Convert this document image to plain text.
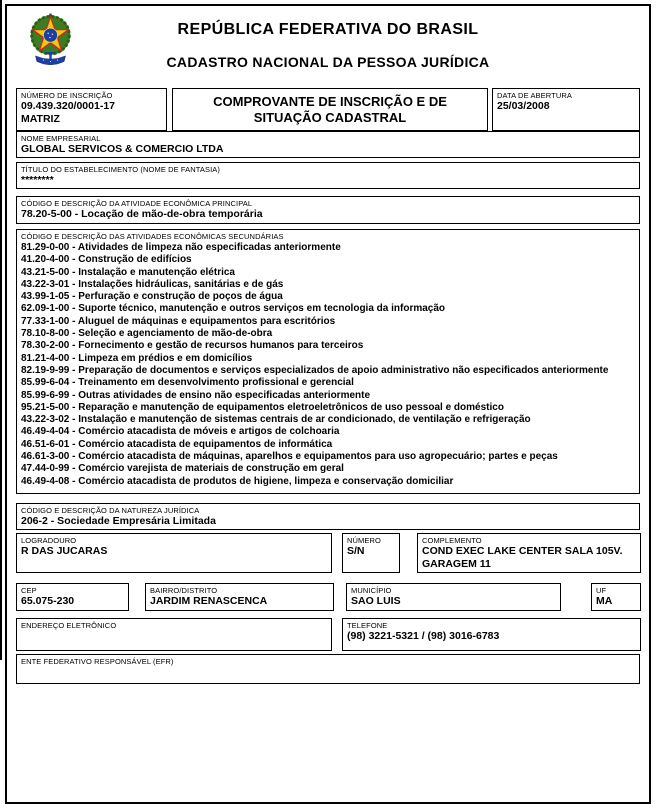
REPÚBLICA FEDERATIVA DO BRASIL
CADASTRO NACIONAL DA PESSOA JURÍDICA
NÚMERO DE INSCRIÇÃO
09.439.320/0001-17
MATRIZ
COMPROVANTE DE INSCRIÇÃO E DE SITUAÇÃO CADASTRAL
DATA DE ABERTURA
25/03/2008
NOME EMPRESARIAL
GLOBAL SERVICOS & COMERCIO LTDA
TÍTULO DO ESTABELECIMENTO (NOME DE FANTASIA)
********
CÓDIGO E DESCRIÇÃO DA ATIVIDADE ECONÔMICA PRINCIPAL
78.20-5-00 - Locação de mão-de-obra temporária
CÓDIGO E DESCRIÇÃO DAS ATIVIDADES ECONÔMICAS SECUNDÁRIAS
81.29-0-00 - Atividades de limpeza não especificadas anteriormente
41.20-4-00 - Construção de edifícios
43.21-5-00 - Instalação e manutenção elétrica
43.22-3-01 - Instalações hidráulicas, sanitárias e de gás
43.99-1-05 - Perfuração e construção de poços de água
62.09-1-00 - Suporte técnico, manutenção e outros serviços em tecnologia da informação
77.33-1-00 - Aluguel de máquinas e equipamentos para escritórios
78.10-8-00 - Seleção e agenciamento de mão-de-obra
78.30-2-00 - Fornecimento e gestão de recursos humanos para terceiros
81.21-4-00 - Limpeza em prédios e em domicílios
82.19-9-99 - Preparação de documentos e serviços especializados de apoio administrativo não especificados anteriormente
85.99-6-04 - Treinamento em desenvolvimento profissional e gerencial
85.99-6-99 - Outras atividades de ensino não especificadas anteriormente
95.21-5-00 - Reparação e manutenção de equipamentos eletroeletrônicos de uso pessoal e doméstico
43.22-3-02 - Instalação e manutenção de sistemas centrais de ar condicionado, de ventilação e refrigeração
46.49-4-04 - Comércio atacadista de móveis e artigos de colchoaria
46.51-6-01 - Comércio atacadista de equipamentos de informática
46.61-3-00 - Comércio atacadista de máquinas, aparelhos e equipamentos para uso agropecuário; partes e peças
47.44-0-99 - Comércio varejista de materiais de construção em geral
46.49-4-08 - Comércio atacadista de produtos de higiene, limpeza e conservação domiciliar
CÓDIGO E DESCRIÇÃO DA NATUREZA JURÍDICA
206-2 - Sociedade Empresária Limitada
LOGRADOURO
R DAS JUCARAS
NÚMERO
S/N
COMPLEMENTO
COND EXEC LAKE CENTER SALA 105V. GARAGEM 11
CEP
65.075-230
BAIRRO/DISTRITO
JARDIM RENASCENCA
MUNICÍPIO
SAO LUIS
UF
MA
ENDEREÇO ELETRÔNICO	TELEFONE
(98) 3221-5321 / (98) 3016-6783
ENTE FEDERATIVO RESPONSÁVEL (EFR)
